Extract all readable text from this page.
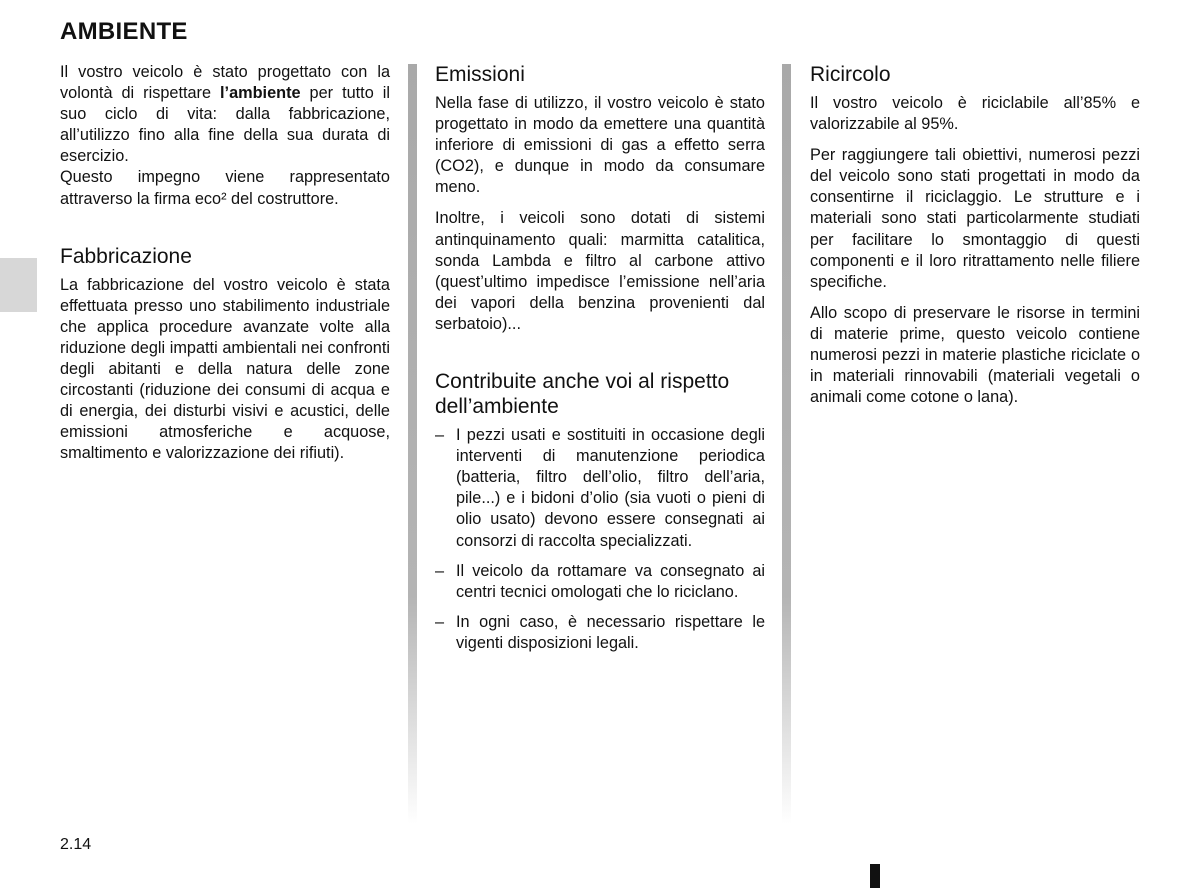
AMBIENTE

Il vostro veicolo è stato progettato con la volontà di rispettare l’ambiente per tutto il suo ciclo di vita: dalla fabbricazione, all’utilizzo fino alla fine della sua durata di esercizio.

Questo impegno viene rappresentato attraverso la firma eco² del costruttore.

Fabbricazione

La fabbricazione del vostro veicolo è stata effettuata presso uno stabilimento industriale che applica procedure avanzate volte alla riduzione degli impatti ambientali nei confronti degli abitanti e della natura delle zone circostanti (riduzione dei consumi di acqua e di energia, dei disturbi visivi e acustici, delle emissioni atmosferiche e acquose, smaltimento e valorizzazione dei rifiuti).

Emissioni

Nella fase di utilizzo, il vostro veicolo è stato progettato in modo da emettere una quantità inferiore di emissioni di gas a effetto serra (CO2), e dunque in modo da consumare meno.

Inoltre, i veicoli sono dotati di sistemi antinquinamento quali: marmitta catalitica, sonda Lambda e filtro al carbone attivo (quest’ultimo impedisce l’emissione nell’aria dei vapori della benzina provenienti dal serbatoio)...

Contribuite anche voi al rispetto dell’ambiente
– I pezzi usati e sostituiti in occasione degli interventi di manutenzione periodica (batteria, filtro dell’olio, filtro dell’aria, pile...) e i bidoni d’olio (sia vuoti o pieni di olio usato) devono essere consegnati ai consorzi di raccolta specializzati.
– Il veicolo da rottamare va consegnato ai centri tecnici omologati che lo riciclano.
– In ogni caso, è necessario rispettare le vigenti disposizioni legali.
Ricircolo

Il vostro veicolo è riciclabile all’85% e valorizzabile al 95%.

Per raggiungere tali obiettivi, numerosi pezzi del veicolo sono stati progettati in modo da consentirne il riciclaggio. Le strutture e i materiali sono stati particolarmente studiati per facilitare lo smontaggio di questi componenti e il loro ritrattamento nelle filiere specifiche.

Allo scopo di preservare le risorse in termini di materie prime, questo veicolo contiene numerosi pezzi in materie plastiche riciclate o in materiali rinnovabili (materiali vegetali o animali come cotone o lana).

2.14
